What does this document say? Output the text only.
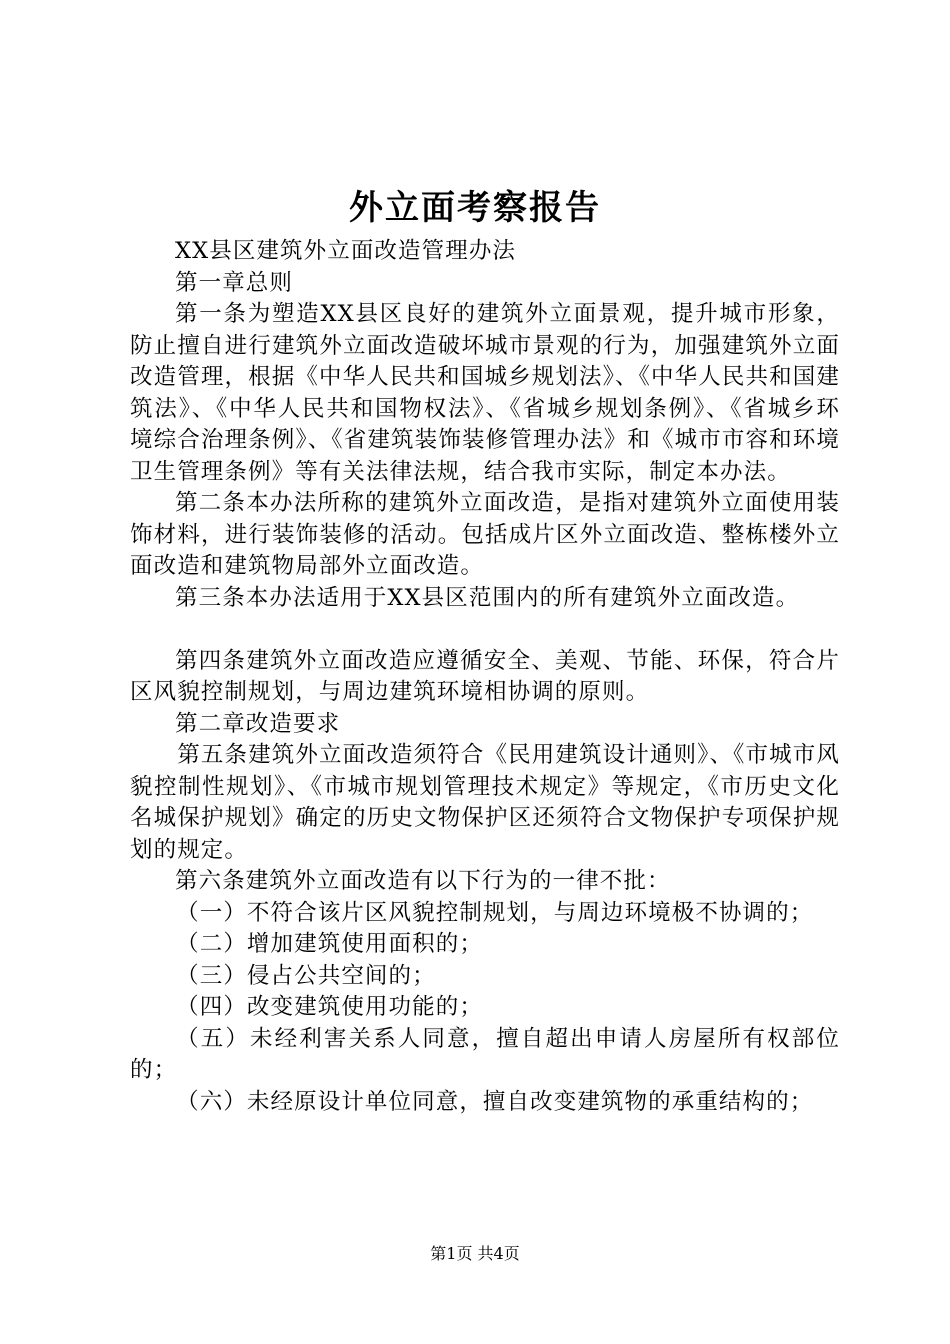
外立面考察报告

XX县区建筑外立面改造管理办法

第一章总则

第一条为塑造XX县区良好的建筑外立面景观，提升城市形象，防止擅自进行建筑外立面改造破坏城市景观的行为，加强建筑外立面改造管理，根据《中华人民共和国城乡规划法》、《中华人民共和国建筑法》、《中华人民共和国物权法》、《省城乡规划条例》、《省城乡环境综合治理条例》、《省建筑装饰装修管理办法》和《城市市容和环境卫生管理条例》等有关法律法规，结合我市实际，制定本办法。

第二条本办法所称的建筑外立面改造，是指对建筑外立面使用装饰材料，进行装饰装修的活动。包括成片区外立面改造、整栋楼外立面改造和建筑物局部外立面改造。

第三条本办法适用于XX县区范围内的所有建筑外立面改造。

第四条建筑外立面改造应遵循安全、美观、节能、环保，符合片区风貌控制规划，与周边建筑环境相协调的原则。

第二章改造要求

第五条建筑外立面改造须符合《民用建筑设计通则》、《市城市风貌控制性规划》、《市城市规划管理技术规定》等规定，《市历史文化名城保护规划》确定的历史文物保护区还须符合文物保护专项保护规划的规定。

第六条建筑外立面改造有以下行为的一律不批：

（一）不符合该片区风貌控制规划，与周边环境极不协调的；

（二）增加建筑使用面积的；

（三）侵占公共空间的；

（四）改变建筑使用功能的；

（五）未经利害关系人同意，擅自超出申请人房屋所有权部位的；

（六）未经原设计单位同意，擅自改变建筑物的承重结构的；

第1页 共4页
